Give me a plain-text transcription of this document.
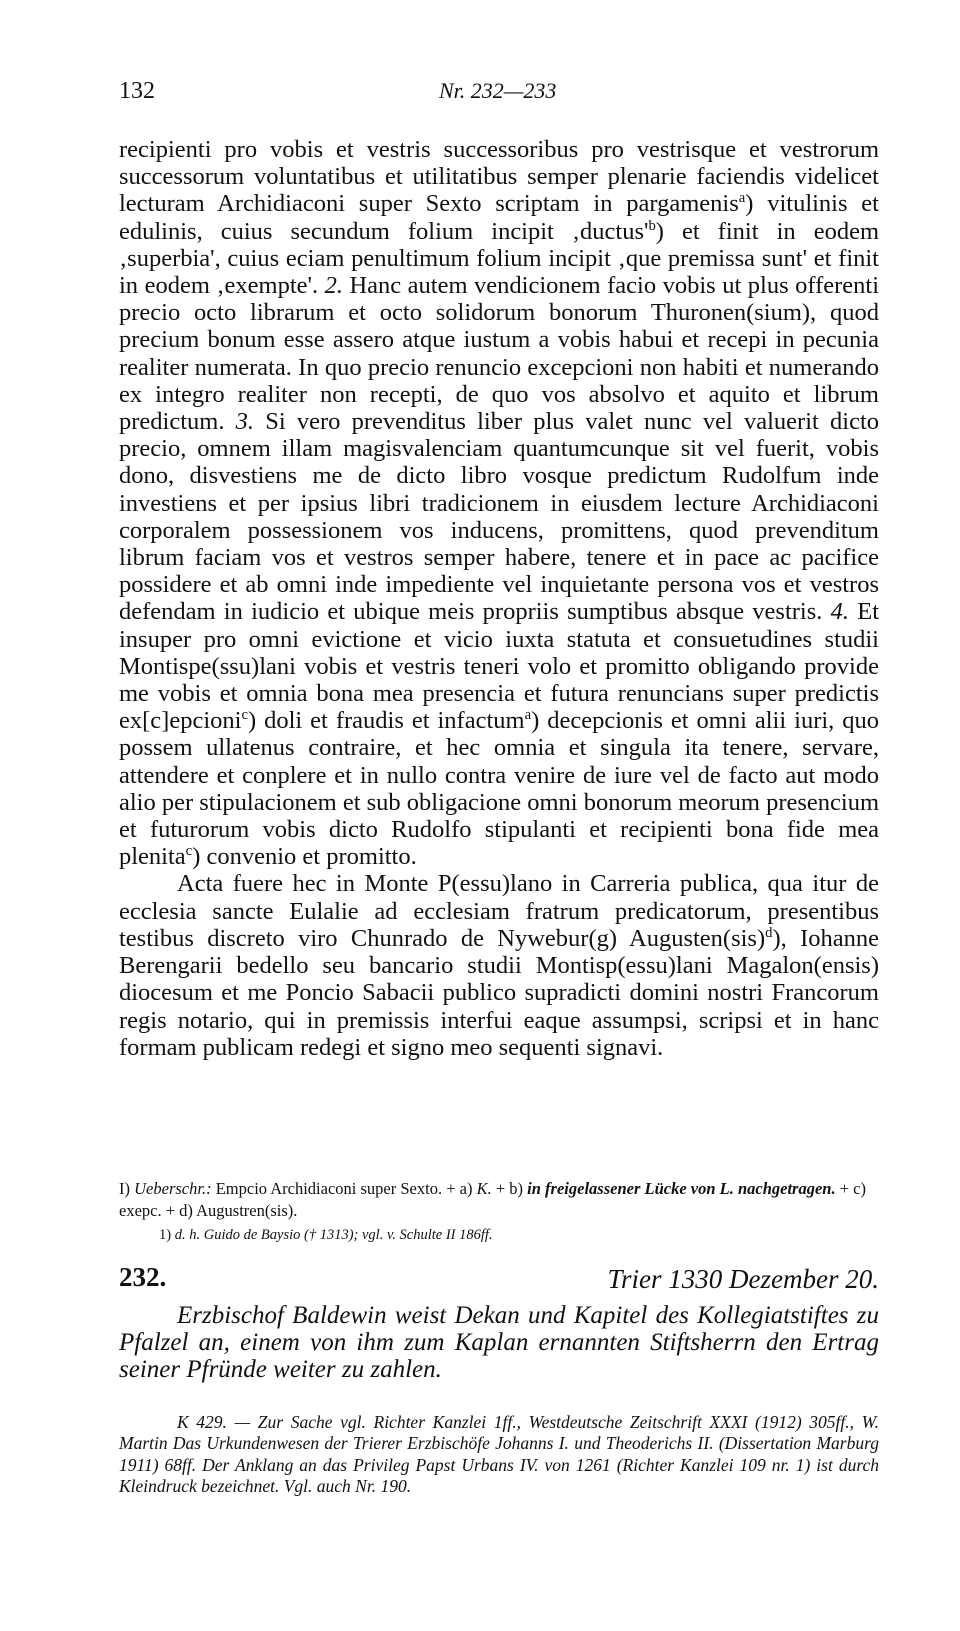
132	Nr. 232—233

recipienti pro vobis et vestris successoribus pro vestrisque et vestrorum successorum voluntatibus et utilitatibus semper plenarie faciendis videlicet lecturam Archidiaconi super Sexto scriptam in pargamenis$^a$) vitulinis et edulinis, cuius secundum folium incipit $‚ductus'^b$) et finit in eodem ‚superbia', cuius eciam penultimum folium incipit ‚que premissa sunt' et finit in eodem ‚exempte'. 2. Hanc autem vendicionem facio vobis ut plus offerenti precio octo librarum et octo solidorum bonorum Thuronen(sium), quod precium bonum esse assero atque iustum a vobis habui et recepi in pecunia realiter numerata. In quo precio renuncio excepcioni non habiti et numerando ex integro realiter non recepti, de quo vos absolvo et aquito et librum predictum. 3. Si vero prevenditus liber plus valet nunc vel valuerit dicto precio, omnem illam magisvalenciam quantumcunque sit vel fuerit, vobis dono, disvestiens me de dicto libro vosque predictum Rudolfum inde investiens et per ipsius libri tradicionem in eiusdem lecture Archidiaconi corporalem possessionem vos inducens, promittens, quod prevenditum librum faciam vos et vestros semper habere, tenere et in pace ac pacifice possidere et ab omni inde impediente vel inquietante persona vos et vestros defendam in iudicio et ubique meis propriis sumptibus absque vestris. 4. Et insuper pro omni evictione et vicio iuxta statuta et consuetudines studii Montispe(ssu)lani vobis et vestris teneri volo et promitto obligando provide me vobis et omnia bona mea presencia et futura renuncians super predictis ex[c]epcioni$^c$) doli et fraudis et infactum$^a$) decepcionis et omni alii iuri, quo possem ullatenus contraire, et hec omnia et singula ita tenere, servare, attendere et conplere et in nullo contra venire de iure vel de facto aut modo alio per stipulacionem et sub obligacione omni bonorum meorum presencium et futurorum vobis dicto Rudolfo stipulanti et recipienti bona fide mea plenita$^c$) convenio et promitto.

Acta fuere hec in Monte P(essu)lano in Carreria publica, qua itur de ecclesia sancte Eulalie ad ecclesiam fratrum predicatorum, presentibus testibus discreto viro Chunrado de Nywebur(g) Augusten(sis)$^d$), Iohanne Berengarii bedello seu bancario studii Montisp(essu)lani Magalon(ensis) diocesum et me Poncio Sabacii publico supradicti domini nostri Francorum regis notario, qui in premissis interfui eaque assumpsi, scripsi et in hanc formam publicam redegi et signo meo sequenti signavi.

I) Ueberschr.: Empcio Archidiaconi super Sexto. + a) K. + b) in freigelassener Lücke von L. nachgetragen. + c) exepc. + d) Augustren(sis).

1) d. h. Guido de Baysio († 1313); vgl. v. Schulte II 186ff.

232.	Trier 1330 Dezember 20.

Erzbischof Baldewin weist Dekan und Kapitel des Kollegiatstiftes zu Pfalzel an, einem von ihm zum Kaplan ernannten Stiftsherrn den Ertrag seiner Pfründe weiter zu zahlen.

K 429. — Zur Sache vgl. Richter Kanzlei 1ff., Westdeutsche Zeitschrift XXXI (1912) 305ff., W. Martin Das Urkundenwesen der Trierer Erzbischöfe Johanns I. und Theoderichs II. (Dissertation Marburg 1911) 68ff. Der Anklang an das Privileg Papst Urbans IV. von 1261 (Richter Kanzlei 109 nr. 1) ist durch Kleindruck bezeichnet. Vgl. auch Nr. 190.
